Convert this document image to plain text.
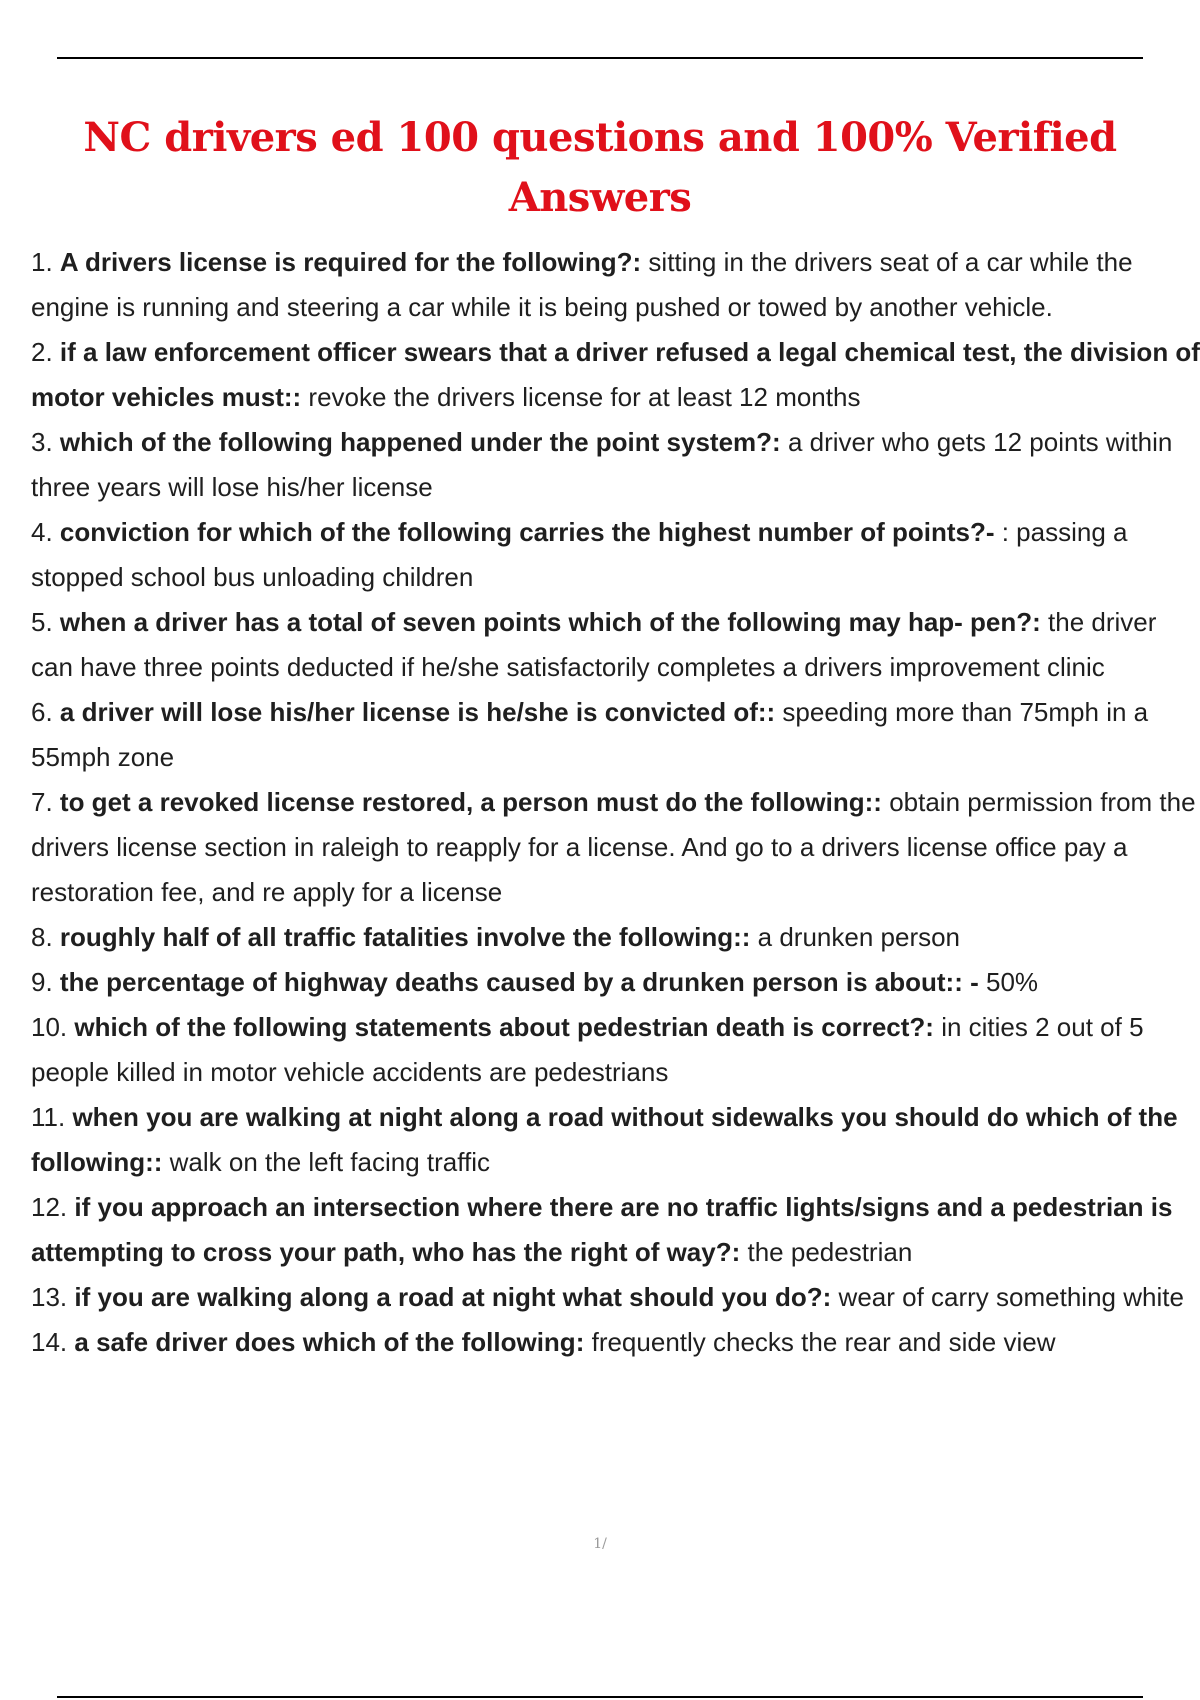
NC drivers ed 100 questions and 100% Verified Answers
1. A drivers license is required for the following?: sitting in the drivers seat of a car while the engine is running and steering a car while it is being pushed or towed by another vehicle.
2. if a law enforcement officer swears that a driver refused a legal chemical test, the division of motor vehicles must:: revoke the drivers license for at least 12 months
3. which of the following happened under the point system?: a driver who gets 12 points within three years will lose his/her license
4. conviction for which of the following carries the highest number of points?- : passing a stopped school bus unloading children
5. when a driver has a total of seven points which of the following may hap- pen?: the driver can have three points deducted if he/she satisfactorily completes a drivers improvement clinic
6. a driver will lose his/her license is he/she is convicted of:: speeding more than 75mph in a 55mph zone
7. to get a revoked license restored, a person must do the following:: obtain permission from the drivers license section in raleigh to reapply for a license. And go to a drivers license office pay a restoration fee, and re apply for a license
8. roughly half of all traffic fatalities involve the following:: a drunken person
9. the percentage of highway deaths caused by a drunken person is about:: - 50%
10. which of the following statements about pedestrian death is correct?: in cities 2 out of 5 people killed in motor vehicle accidents are pedestrians
11. when you are walking at night along a road without sidewalks you should do which of the following:: walk on the left facing traffic
12. if you approach an intersection where there are no traffic lights/signs and a pedestrian is attempting to cross your path, who has the right of way?: the pedestrian
13. if you are walking along a road at night what should you do?: wear of carry something white
14. a safe driver does which of the following: frequently checks the rear and side view
1/
